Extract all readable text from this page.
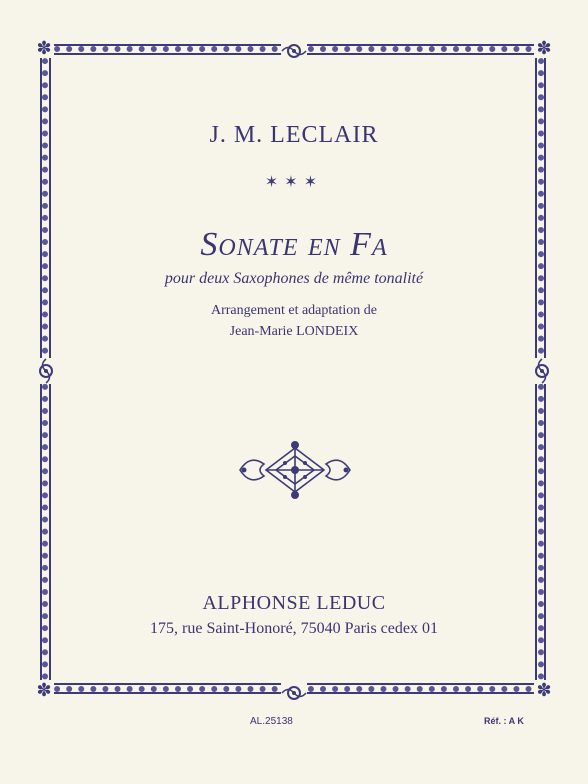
✽	✽
✽	✽
J. M. LECLAIR
✶✶✶
Sonate en Fa
pour deux Saxophones de même tonalité
Arrangement et adaptation de
Jean-Marie LONDEIX
ALPHONSE LEDUC
175, rue Saint-Honoré, 75040 Paris cedex 01
AL.25138	Réf. : A K
